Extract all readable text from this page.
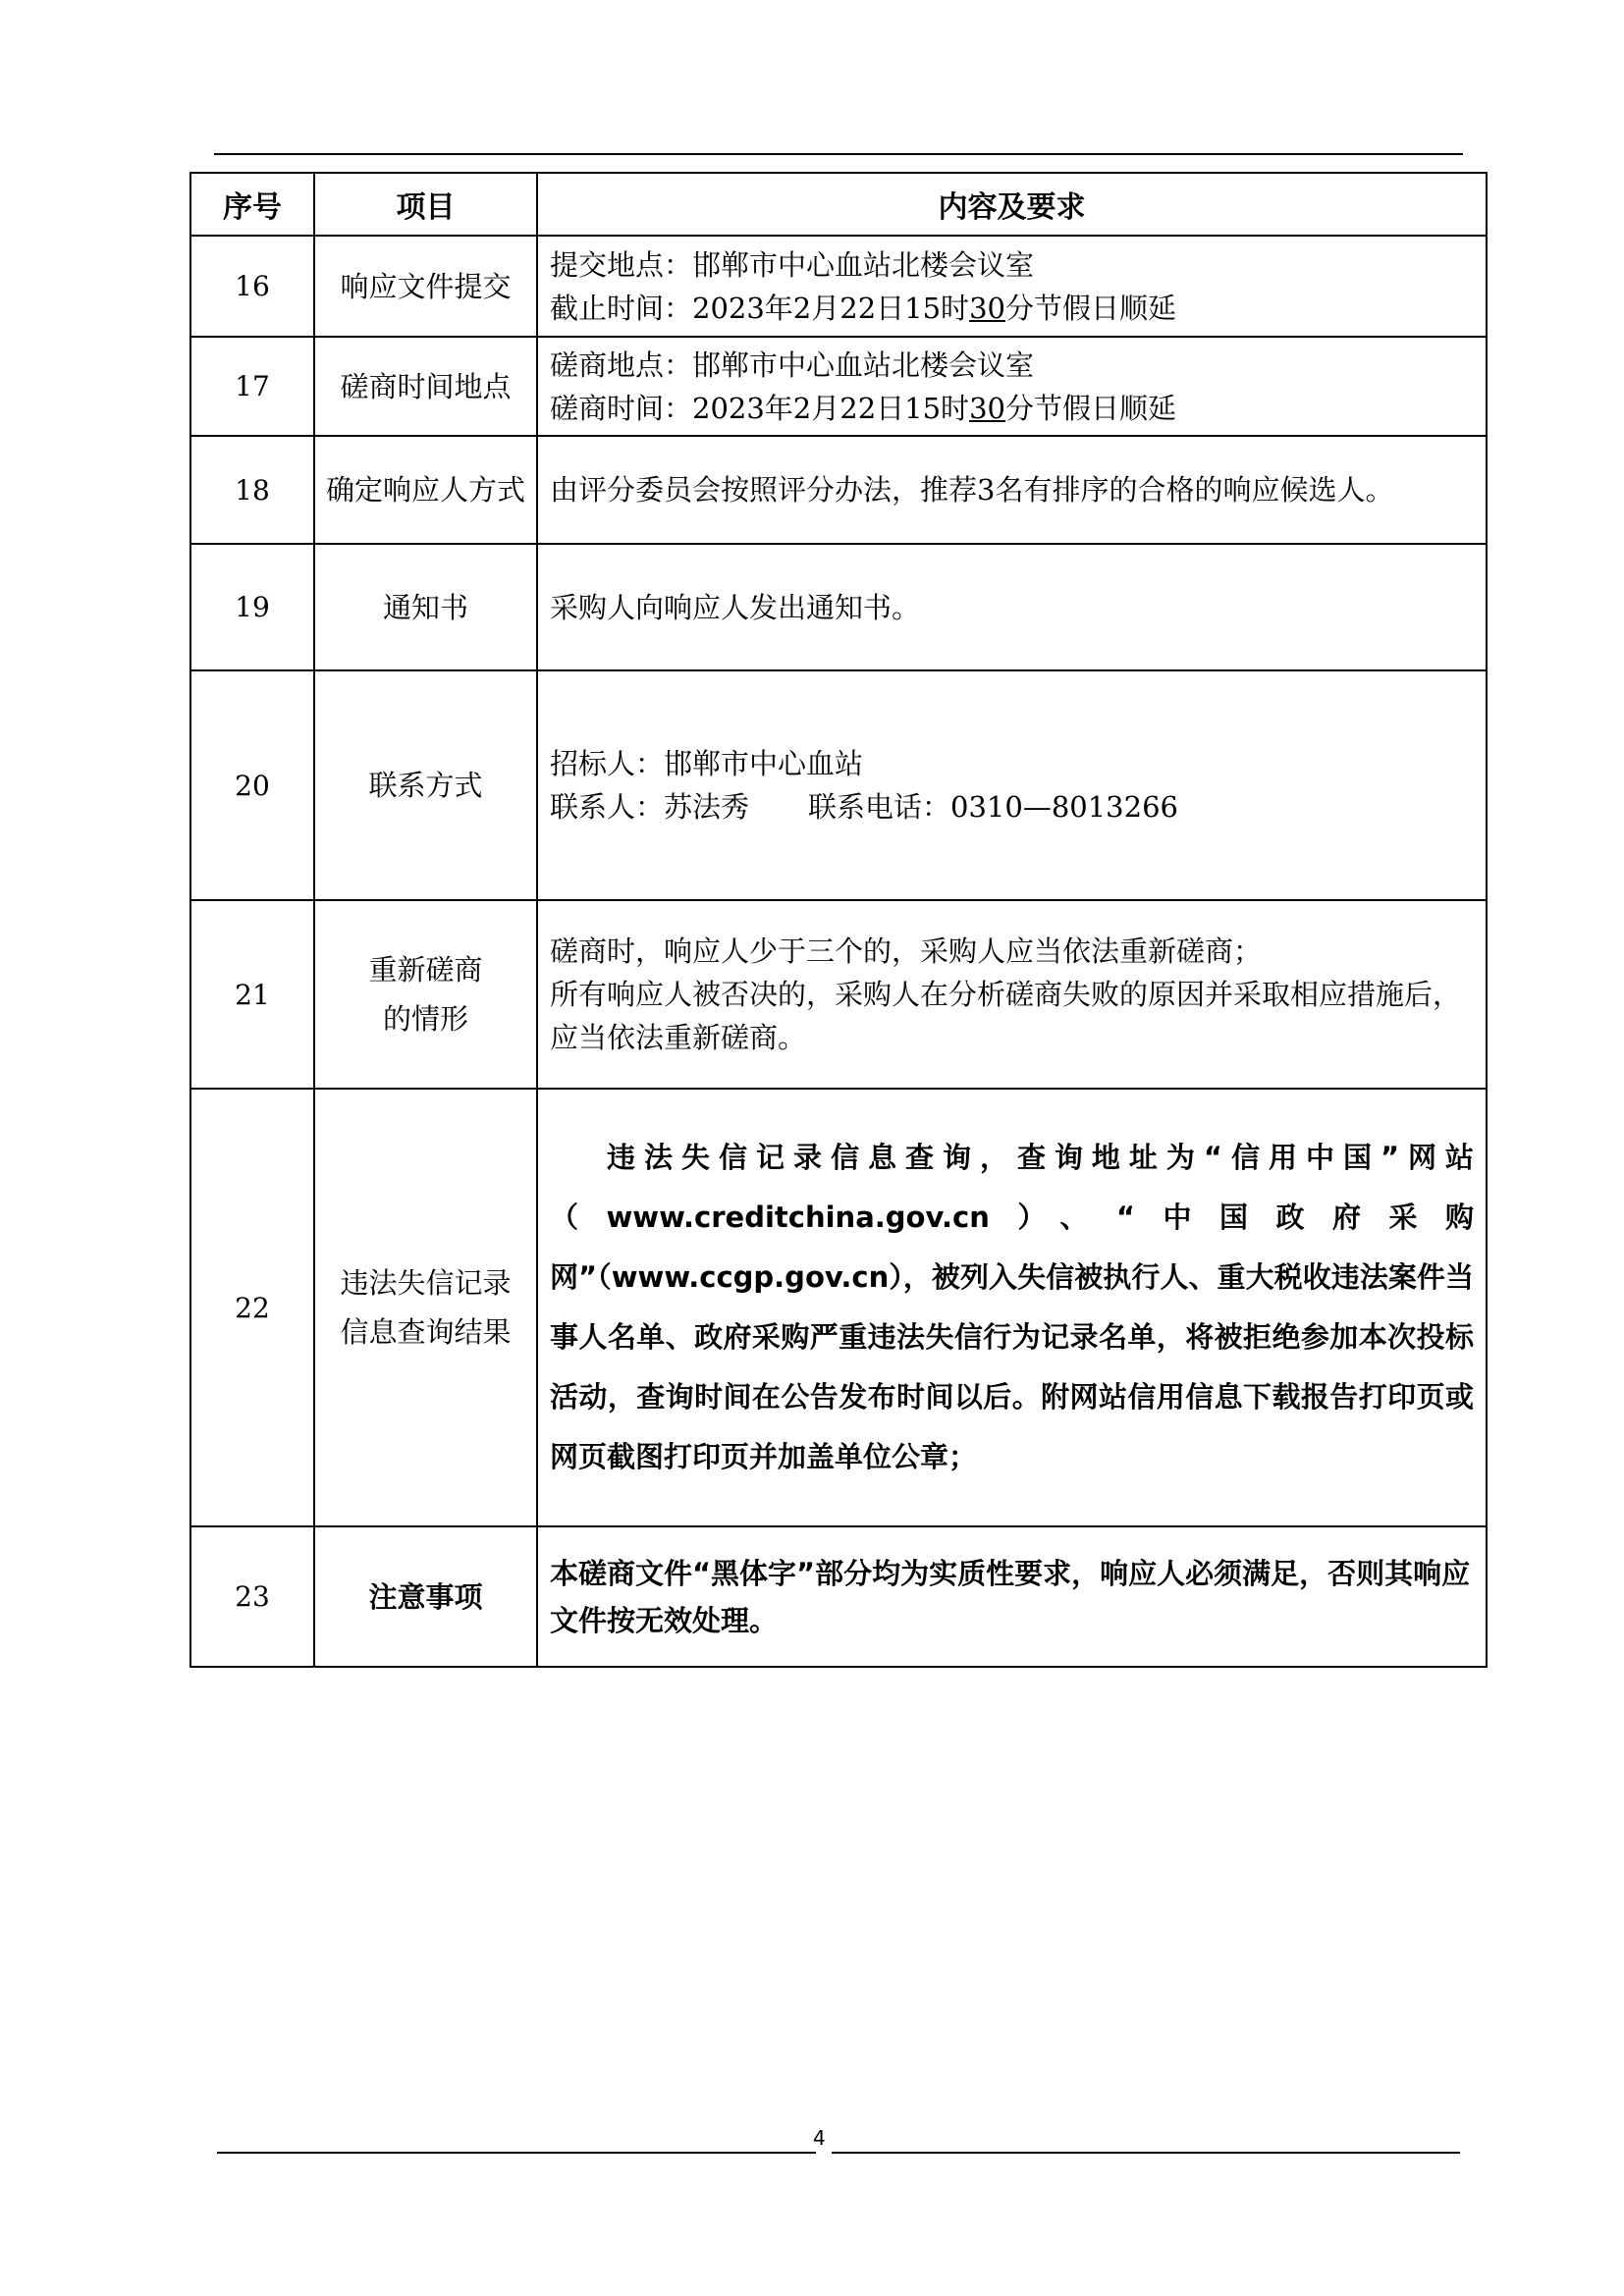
序号	项目	内容及要求
16	响应文件提交	提交地点：邯郸市中心血站北楼会议室
截止时间：2023年2月22日15时30分节假日顺延

17	磋商时间地点	磋商地点：邯郸市中心血站北楼会议室
磋商时间：2023年2月22日15时30分节假日顺延

18	确定响应人方式	由评分委员会按照评分办法，推荐3名有排序的合格的响应候选人。
19	通知书	采购人向响应人发出通知书。
20	联系方式	招标人：邯郸市中心血站
联系人：苏法秀 联系电话：0310—8013266

21	重新磋商的情形	磋商时，响应人少于三个的，采购人应当依法重新磋商；
所有响应人被否决的，采购人在分析磋商失败的原因并采取相应措施后，应当依法重新磋商。

22	违法失信记录信息查询结果	违法失信记录信息查询，查询地址为“信用中国”网站（www.creditchina.gov.cn）、“中国政府采购网”（www.ccgp.gov.cn），被列入失信被执行人、重大税收违法案件当事人名单、政府采购严重违法失信行为记录名单，将被拒绝参加本次投标活动，查询时间在公告发布时间以后。附网站信用信息下载报告打印页或网页截图打印页并加盖单位公章；

23	注意事项	本磋商文件“黑体字”部分均为实质性要求，响应人必须满足，否则其响应文件按无效处理。
4
